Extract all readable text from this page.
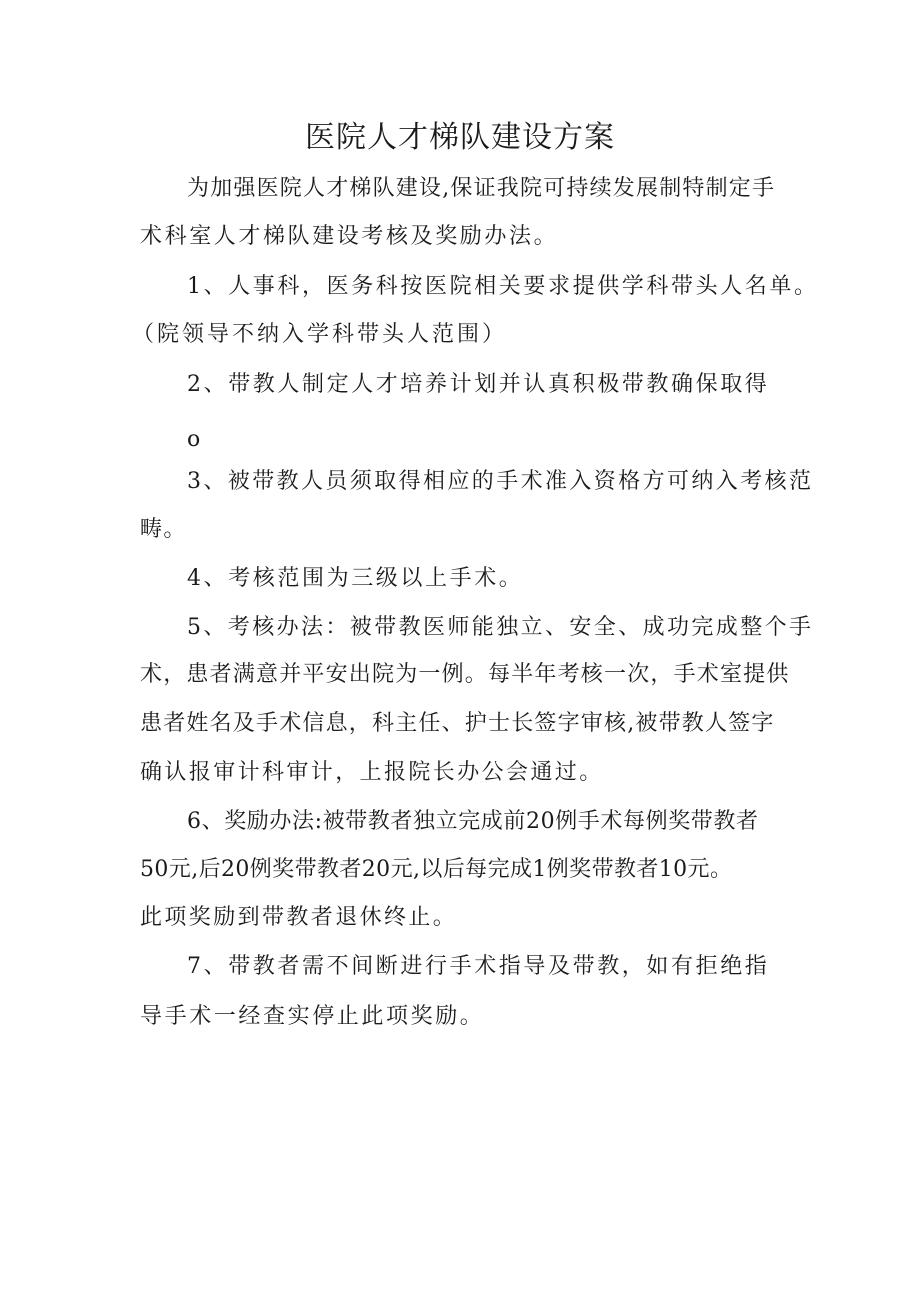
医院人才梯队建设方案
为加强医院人才梯队建设,保证我院可持续发展制特制定手
术科室人才梯队建设考核及奖励办法。
1、人事科，医务科按医院相关要求提供学科带头人名单。
（院领导不纳入学科带头人范围）
2、带教人制定人才培养计划并认真积极带教确保取得
o
3、被带教人员须取得相应的手术准入资格方可纳入考核范
畴。
4、考核范围为三级以上手术。
5、考核办法：被带教医师能独立、安全、成功完成整个手
术，患者满意并平安出院为一例。每半年考核一次，手术室提供
患者姓名及手术信息，科主任、护士长签字审核,被带教人签字
确认报审计科审计，上报院长办公会通过。
6、奖励办法:被带教者独立完成前20例手术每例奖带教者
50元,后20例奖带教者20元,以后每完成1例奖带教者10元。
此项奖励到带教者退休终止。
7、带教者需不间断进行手术指导及带教，如有拒绝指
导手术一经查实停止此项奖励。
